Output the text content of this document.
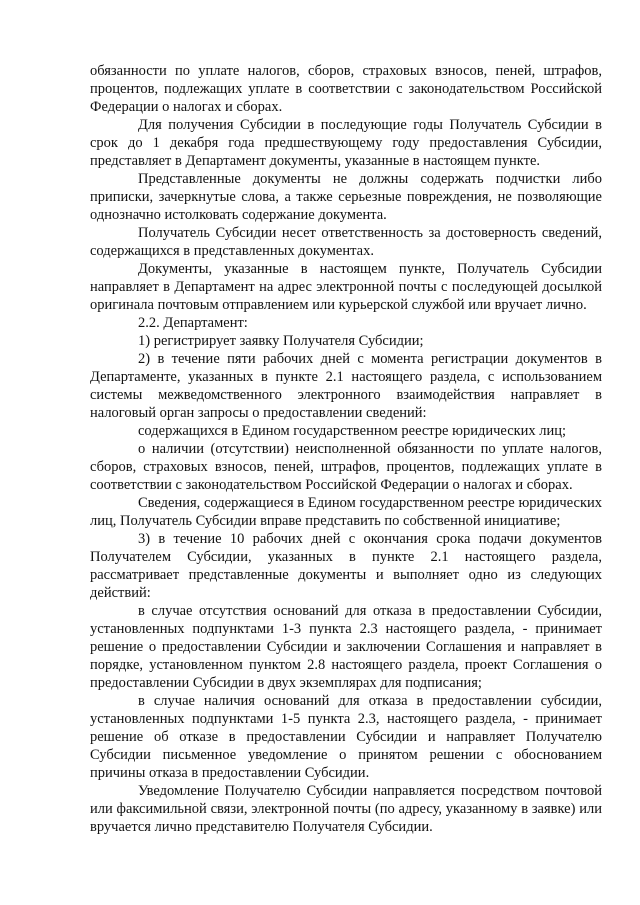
обязанности по уплате налогов, сборов, страховых взносов, пеней, штрафов, процентов, подлежащих уплате в соответствии с законодательством Российской Федерации о налогах и сборах.

Для получения Субсидии в последующие годы Получатель Субсидии в срок до 1 декабря года предшествующему году предоставления Субсидии, представляет в Департамент документы, указанные в настоящем пункте.

Представленные документы не должны содержать подчистки либо приписки, зачеркнутые слова, а также серьезные повреждения, не позволяющие однозначно истолковать содержание документа.

Получатель Субсидии несет ответственность за достоверность сведений, содержащихся в представленных документах.

Документы, указанные в настоящем пункте, Получатель Субсидии направляет в Департамент на адрес электронной почты с последующей досылкой оригинала почтовым отправлением или курьерской службой или вручает лично.

2.2. Департамент:

1) регистрирует заявку Получателя Субсидии;

2) в течение пяти рабочих дней с момента регистрации документов в Департаменте, указанных в пункте 2.1 настоящего раздела, с использованием системы межведомственного электронного взаимодействия направляет в налоговый орган запросы о предоставлении сведений:

содержащихся в Едином государственном реестре юридических лиц;

о наличии (отсутствии) неисполненной обязанности по уплате налогов, сборов, страховых взносов, пеней, штрафов, процентов, подлежащих уплате в соответствии с законодательством Российской Федерации о налогах и сборах.

Сведения, содержащиеся в Едином государственном реестре юридических лиц, Получатель Субсидии вправе представить по собственной инициативе;

3) в течение 10 рабочих дней с окончания срока подачи документов Получателем Субсидии, указанных в пункте 2.1 настоящего раздела, рассматривает представленные документы и выполняет одно из следующих действий:

в случае отсутствия оснований для отказа в предоставлении Субсидии, установленных подпунктами 1-3 пункта 2.3 настоящего раздела, - принимает решение о предоставлении Субсидии и заключении Соглашения и направляет в порядке, установленном пунктом 2.8 настоящего раздела, проект Соглашения о предоставлении Субсидии в двух экземплярах для подписания;

в случае наличия оснований для отказа в предоставлении субсидии, установленных подпунктами 1-5 пункта 2.3, настоящего раздела, - принимает решение об отказе в предоставлении Субсидии и направляет Получателю Субсидии письменное уведомление о принятом решении с обоснованием причины отказа в предоставлении Субсидии.

Уведомление Получателю Субсидии направляется посредством почтовой или факсимильной связи, электронной почты (по адресу, указанному в заявке) или вручается лично представителю Получателя Субсидии.
